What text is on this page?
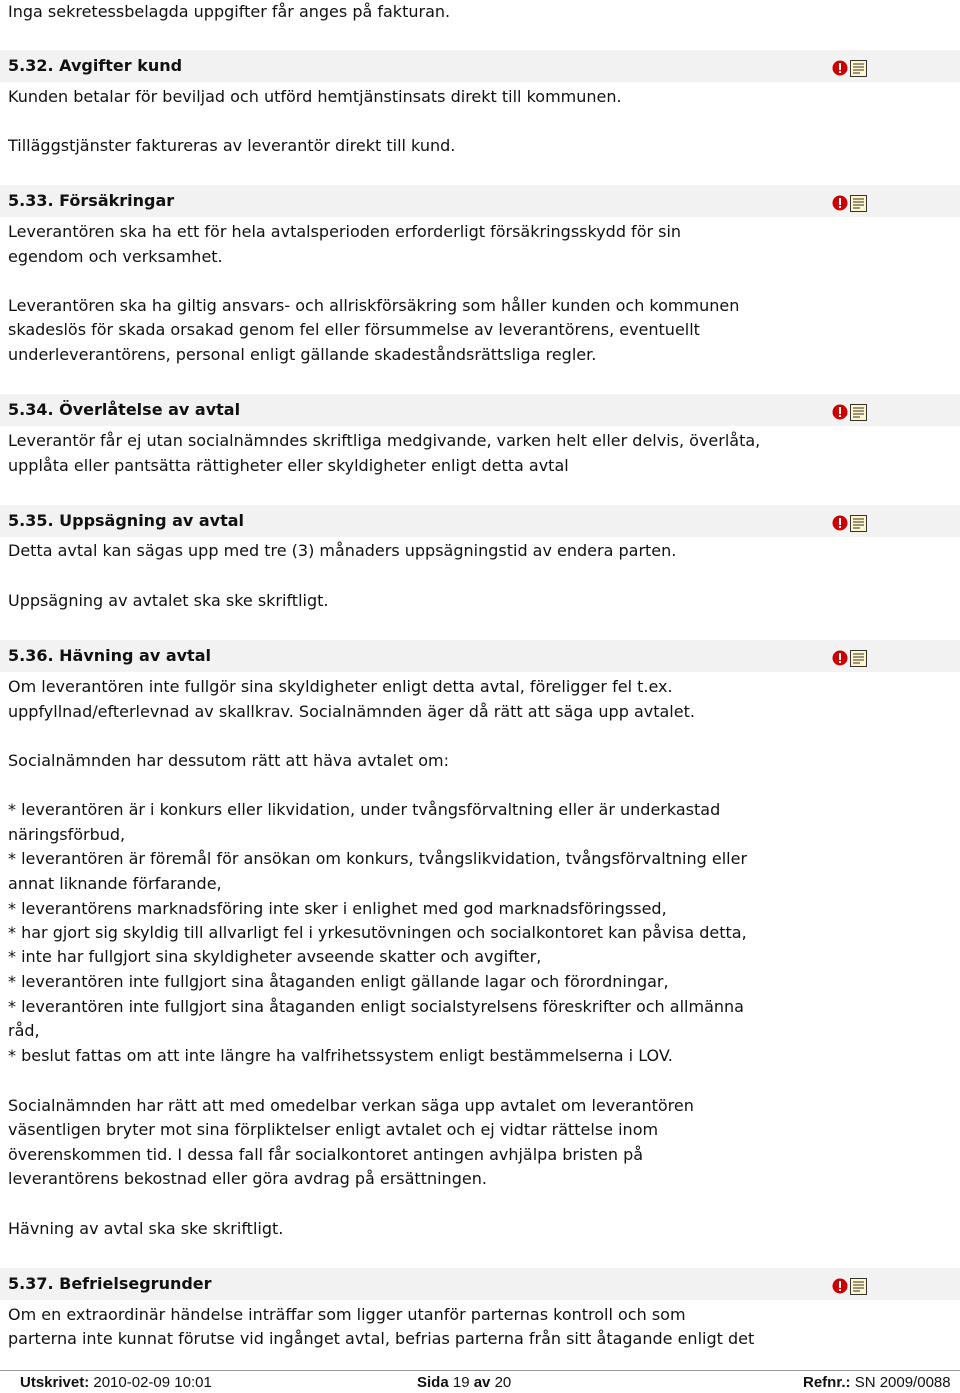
Inga sekretessbelagda uppgifter får anges på fakturan.
5.32. Avgifter kund
Kunden betalar för beviljad och utförd hemtjänstinsats direkt till kommunen.
Tilläggstjänster faktureras av leverantör direkt till kund.
5.33. Försäkringar
Leverantören ska ha ett för hela avtalsperioden erforderligt försäkringsskydd för sin
egendom och verksamhet.
Leverantören ska ha giltig ansvars- och allriskförsäkring som håller kunden och kommunen
skadeslös för skada orsakad genom fel eller försummelse av leverantörens, eventuellt
underleverantörens, personal enligt gällande skadeståndsrättsliga regler.
5.34. Överlåtelse av avtal
Leverantör får ej utan socialnämndes skriftliga medgivande, varken helt eller delvis, överlåta,
upplåta eller pantsätta rättigheter eller skyldigheter enligt detta avtal
5.35. Uppsägning av avtal
Detta avtal kan sägas upp med tre (3) månaders uppsägningstid av endera parten.
Uppsägning av avtalet ska ske skriftligt.
5.36. Hävning av avtal
Om leverantören inte fullgör sina skyldigheter enligt detta avtal, föreligger fel t.ex.
uppfyllnad/efterlevnad av skallkrav. Socialnämnden äger då rätt att säga upp avtalet.
Socialnämnden har dessutom rätt att häva avtalet om:
* leverantören är i konkurs eller likvidation, under tvångsförvaltning eller är underkastad
näringsförbud,
* leverantören är föremål för ansökan om konkurs, tvångslikvidation, tvångsförvaltning eller
annat liknande förfarande,
* leverantörens marknadsföring inte sker i enlighet med god marknadsföringssed,
* har gjort sig skyldig till allvarligt fel i yrkesutövningen och socialkontoret kan påvisa detta,
* inte har fullgjort sina skyldigheter avseende skatter och avgifter,
* leverantören inte fullgjort sina åtaganden enligt gällande lagar och förordningar,
* leverantören inte fullgjort sina åtaganden enligt socialstyrelsens föreskrifter och allmänna
råd,
* beslut fattas om att inte längre ha valfrihetssystem enligt bestämmelserna i LOV.
Socialnämnden har rätt att med omedelbar verkan säga upp avtalet om leverantören
väsentligen bryter mot sina förpliktelser enligt avtalet och ej vidtar rättelse inom
överenskommen tid. I dessa fall får socialkontoret antingen avhjälpa bristen på
leverantörens bekostnad eller göra avdrag på ersättningen.
Hävning av avtal ska ske skriftligt.
5.37. Befrielsegrunder
Om en extraordinär händelse inträffar som ligger utanför parternas kontroll och som
parterna inte kunnat förutse vid ingånget avtal, befrias parterna från sitt åtagande enligt det
Utskrivet: 2010-02-09 10:01	Sida 19 av 20	Refnr.: SN 2009/0088
